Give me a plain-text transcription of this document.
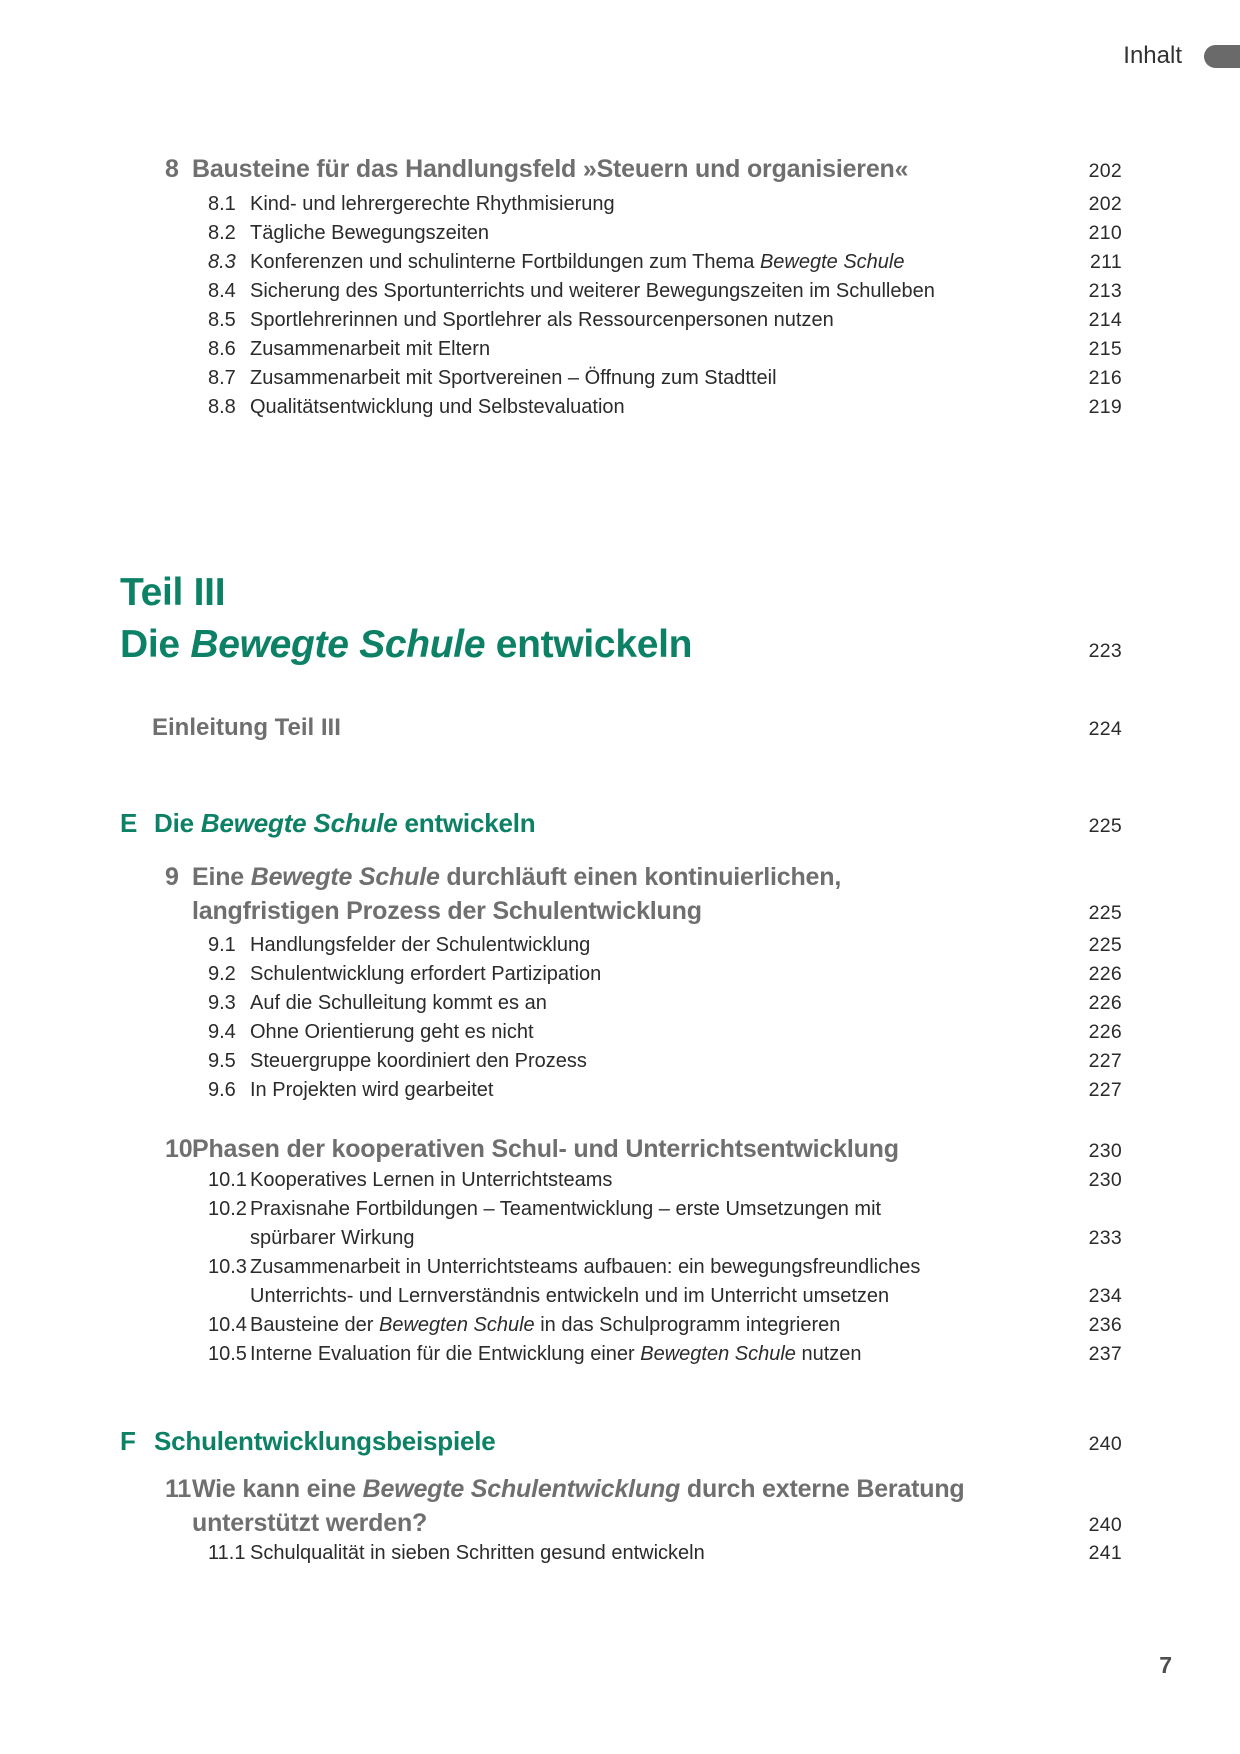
Inhalt
8 Bausteine für das Handlungsfeld »Steuern und organisieren«	202
8.1 Kind- und lehrergerechte Rhythmisierung	202
8.2 Tägliche Bewegungszeiten	210
8.3 Konferenzen und schulinterne Fortbildungen zum Thema Bewegte Schule	211
8.4 Sicherung des Sportunterrichts und weiterer Bewegungszeiten im Schulleben	213
8.5 Sportlehrerinnen und Sportlehrer als Ressourcenpersonen nutzen	214
8.6 Zusammenarbeit mit Eltern	215
8.7 Zusammenarbeit mit Sportvereinen – Öffnung zum Stadtteil	216
8.8 Qualitätsentwicklung und Selbstevaluation	219
Teil III
Die Bewegte Schule entwickeln	223
Einleitung Teil III	224
E Die Bewegte Schule entwickeln	225
9 Eine Bewegte Schule durchläuft einen kontinuierlichen,
langfristigen Prozess der Schulentwicklung	225
9.1 Handlungsfelder der Schulentwicklung	225
9.2 Schulentwicklung erfordert Partizipation	226
9.3 Auf die Schulleitung kommt es an	226
9.4 Ohne Orientierung geht es nicht	226
9.5 Steuergruppe koordiniert den Prozess	227
9.6 In Projekten wird gearbeitet	227
10 Phasen der kooperativen Schul- und Unterrichtsentwicklung	230
10.1 Kooperatives Lernen in Unterrichtsteams	230
10.2 Praxisnahe Fortbildungen – Teamentwicklung – erste Umsetzungen mit
spürbarer Wirkung	233
10.3 Zusammenarbeit in Unterrichtsteams aufbauen: ein bewegungsfreundliches
Unterrichts- und Lernverständnis entwickeln und im Unterricht umsetzen	234
10.4 Bausteine der Bewegten Schule in das Schulprogramm integrieren	236
10.5 Interne Evaluation für die Entwicklung einer Bewegten Schule nutzen	237
F Schulentwicklungsbeispiele	240
11 Wie kann eine Bewegte Schulentwicklung durch externe Beratung
unterstützt werden?	240
11.1 Schulqualität in sieben Schritten gesund entwickeln	241
7
